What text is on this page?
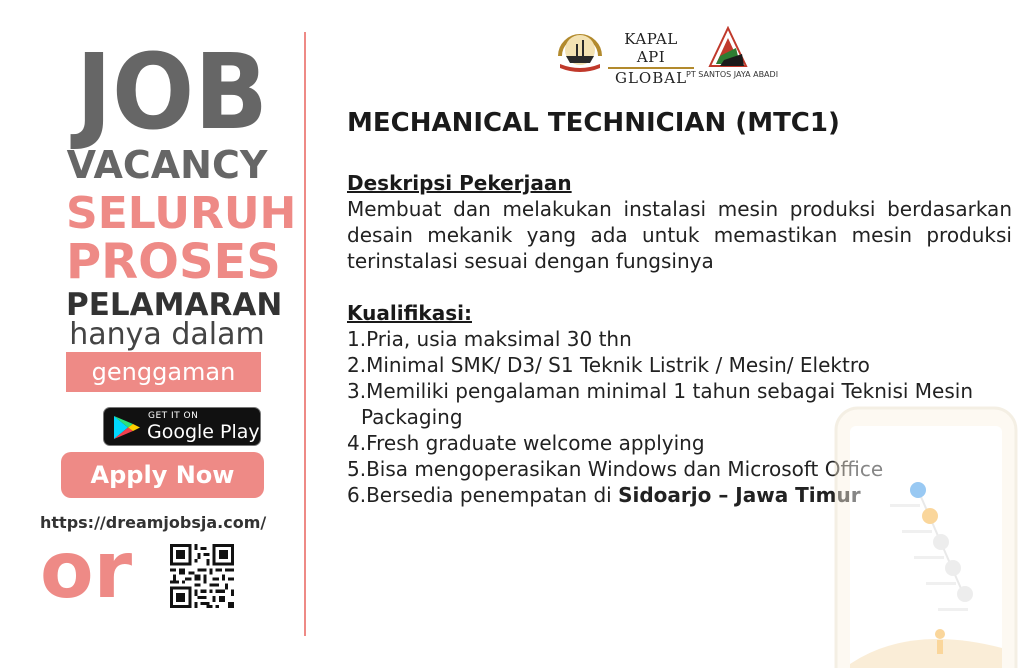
JOB
VACANCY
SELURUH
PROSES
PELAMARAN
hanya dalam
genggaman
GET IT ON
Google Play
Apply Now
https://dreamjobsja.com/
or
KAPAL API
GLOBAL
PT SANTOS JAYA ABADI
MECHANICAL TECHNICIAN (MTC1)
Deskripsi Pekerjaan
Membuat dan melakukan instalasi mesin produksi berdasarkan desain mekanik yang ada untuk memastikan mesin produksi terinstalasi sesuai dengan fungsinya
Kualifikasi:
1.Pria, usia maksimal 30 thn
2.Minimal SMK/ D3/ S1 Teknik Listrik / Mesin/ Elektro
3.Memiliki pengalaman minimal 1 tahun sebagai Teknisi Mesin Packaging
4.Fresh graduate welcome applying
5.Bisa mengoperasikan Windows dan Microsoft Office
6.Bersedia penempatan di Sidoarjo – Jawa Timur
